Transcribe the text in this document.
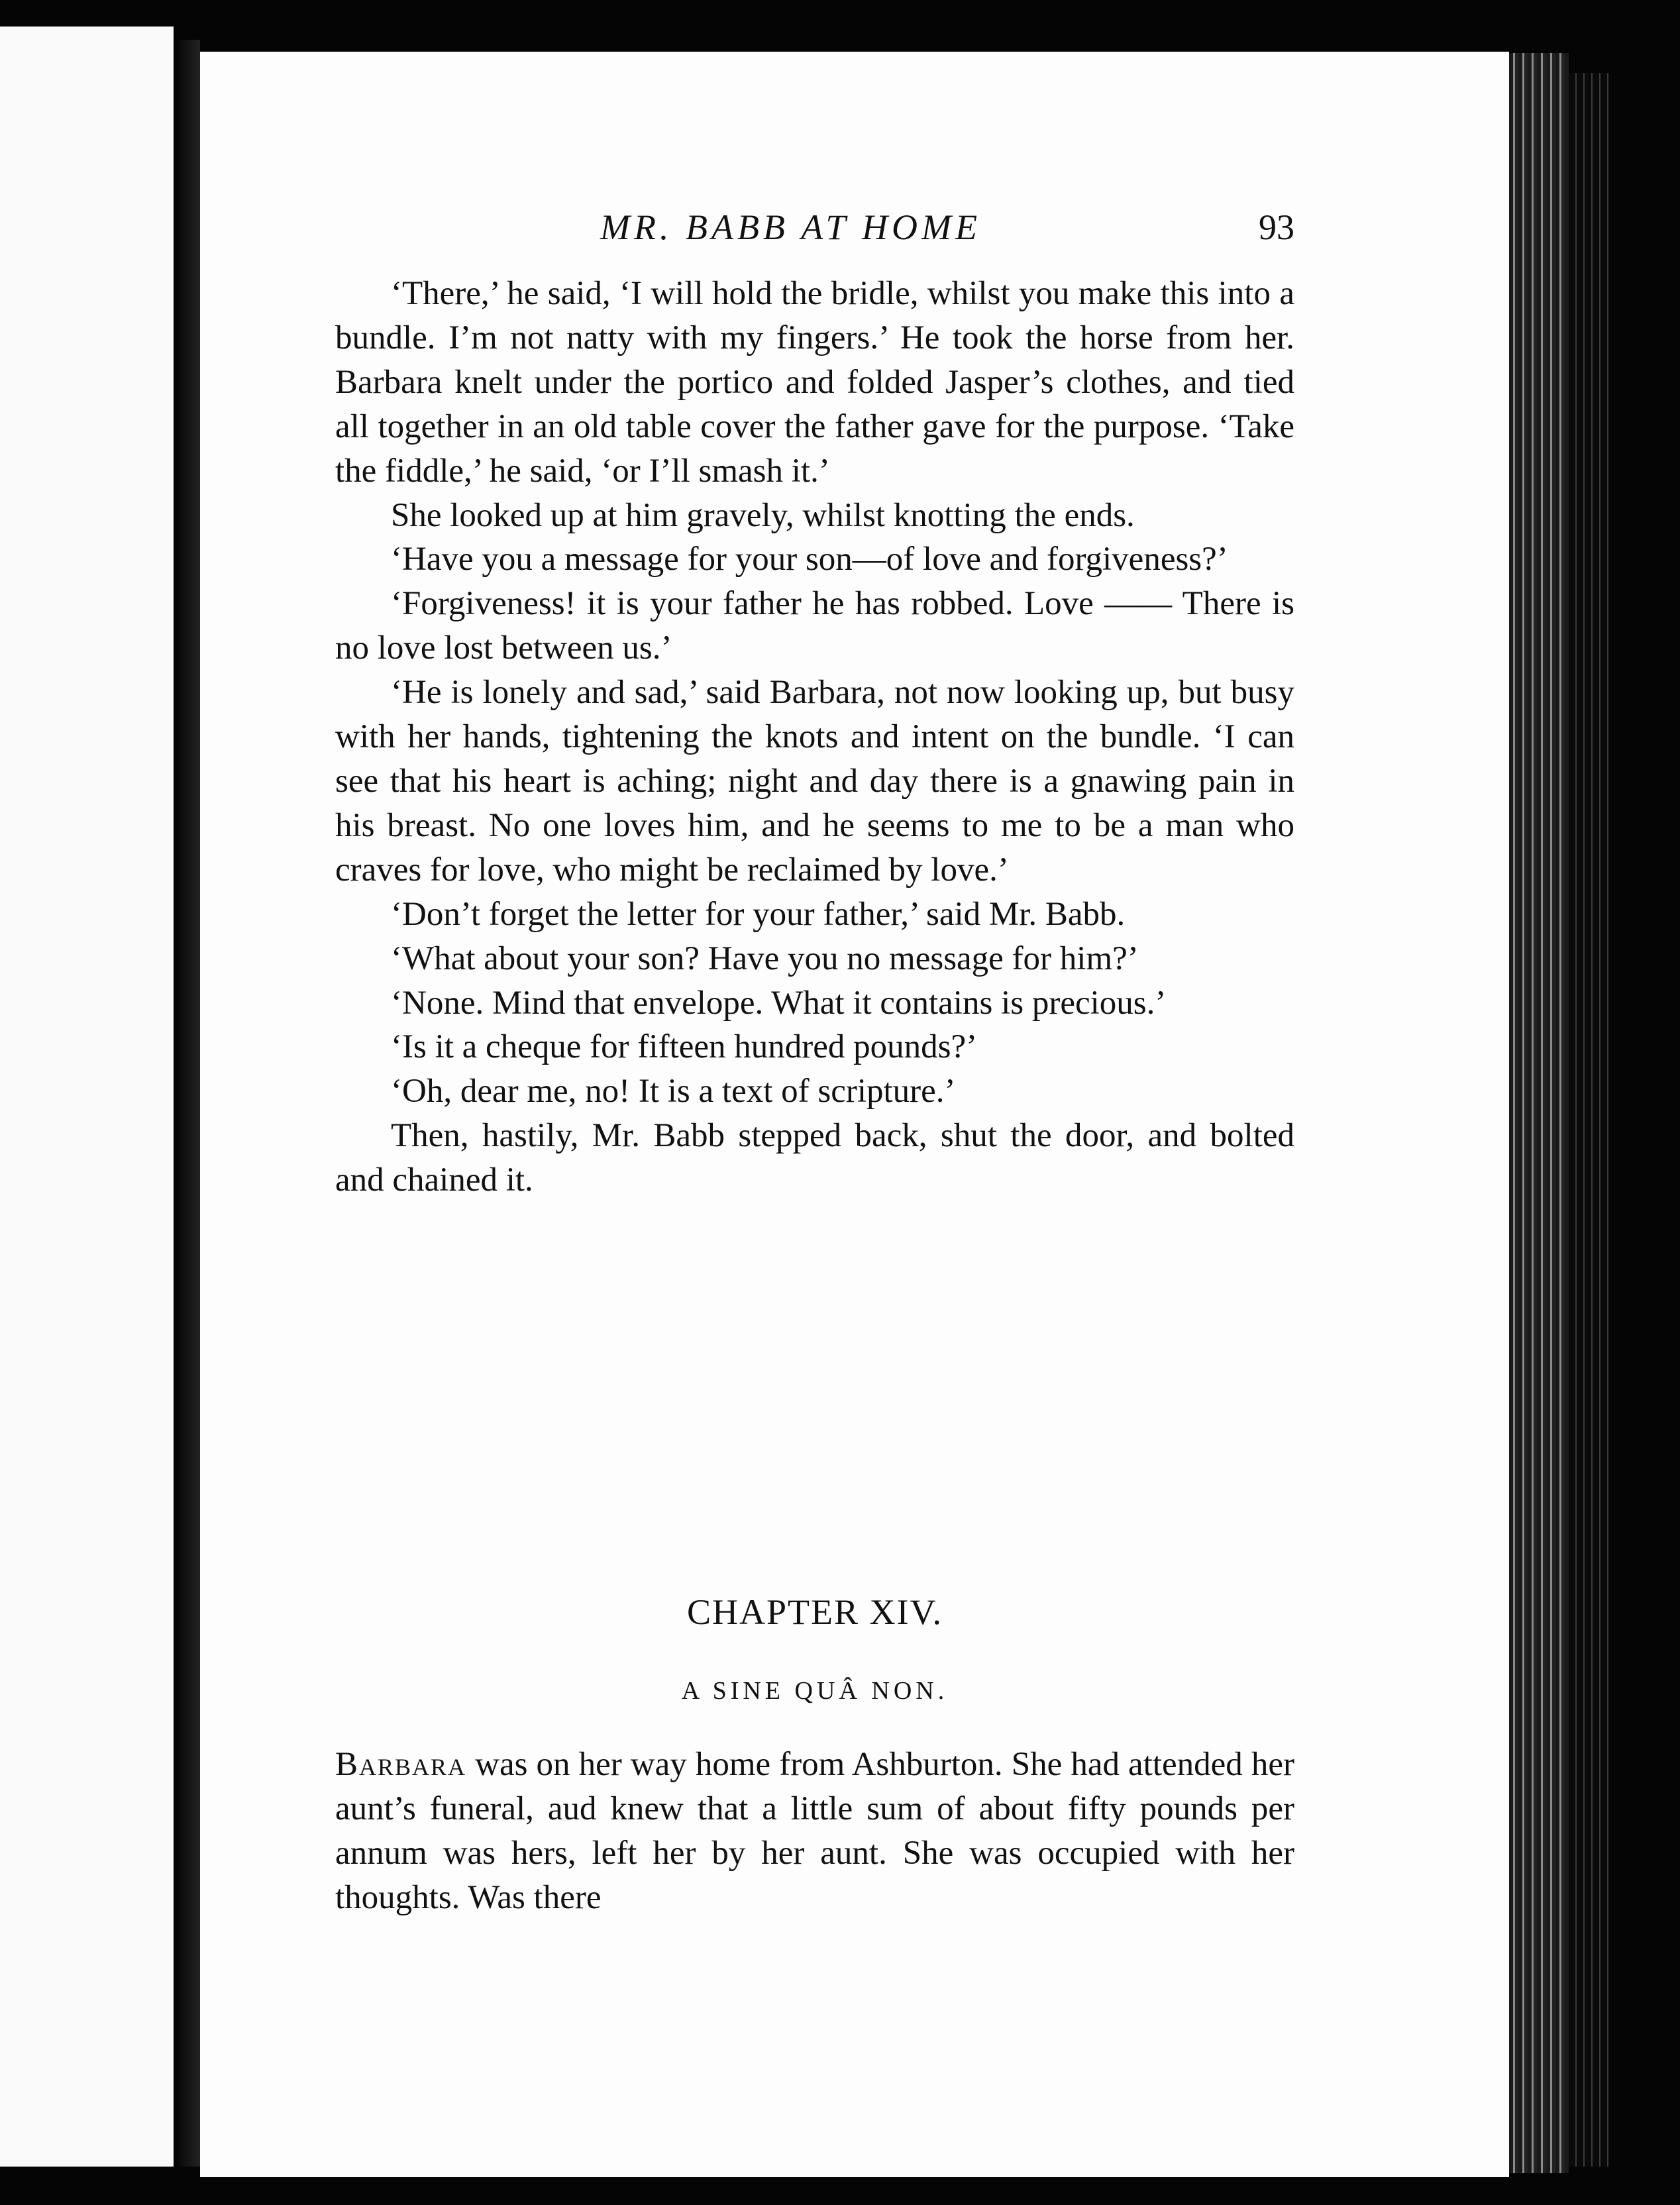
MR. BABB AT HOME	93

‘There,’ he said, ‘I will hold the bridle, whilst you make this into a bundle. I’m not natty with my fingers.’ He took the horse from her. Barbara knelt under the portico and folded Jasper’s clothes, and tied all together in an old table cover the father gave for the purpose. ‘Take the fiddle,’ he said, ‘or I’ll smash it.’

She looked up at him gravely, whilst knotting the ends.

‘Have you a message for your son—of love and forgiveness?’

‘Forgiveness! it is your father he has robbed. Love —— There is no love lost between us.’

‘He is lonely and sad,’ said Barbara, not now looking up, but busy with her hands, tightening the knots and intent on the bundle. ‘I can see that his heart is aching; night and day there is a gnawing pain in his breast. No one loves him, and he seems to me to be a man who craves for love, who might be reclaimed by love.’

‘Don’t forget the letter for your father,’ said Mr. Babb.

‘What about your son? Have you no message for him?’

‘None. Mind that envelope. What it contains is precious.’

‘Is it a cheque for fifteen hundred pounds?’

‘Oh, dear me, no! It is a text of scripture.’

Then, hastily, Mr. Babb stepped back, shut the door, and bolted and chained it.

CHAPTER XIV.
A SINE QUÂ NON.

Barbara was on her way home from Ashburton. She had attended her aunt’s funeral, aud knew that a little sum of about fifty pounds per annum was hers, left her by her aunt. She was occupied with her thoughts. Was there
